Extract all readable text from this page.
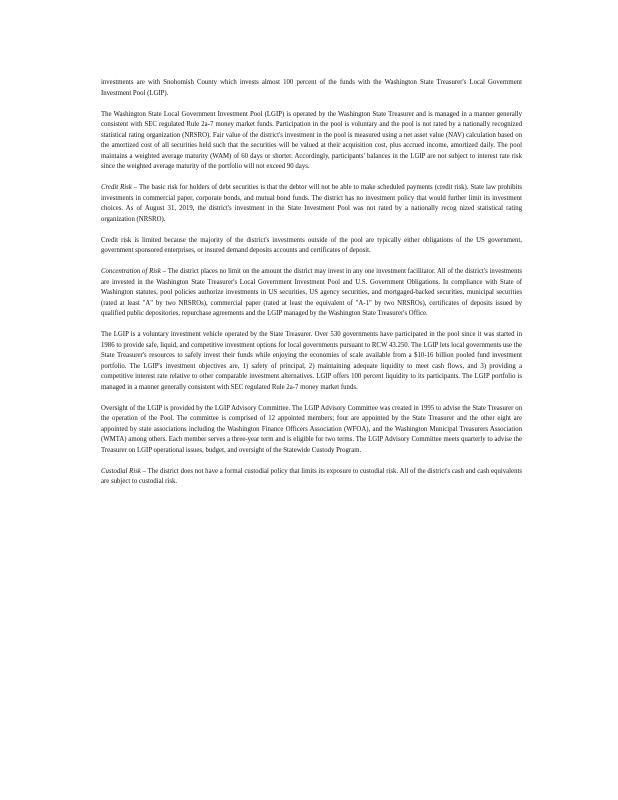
investments are with Snohomish County which invests almost 100 percent of the funds with the Washington State Treasurer's Local Government Investment Pool (LGIP).

The Washington State Local Government Investment Pool (LGIP) is operated by the Washington State Treasurer and is managed in a manner generally consistent with SEC regulated Rule 2a-7 money market funds. Participation in the pool is voluntary and the pool is not rated by a nationally recognized statistical rating organization (NRSRO). Fair value of the district's investment in the pool is measured using a net asset value (NAV) calculation based on the amortized cost of all securities held such that the securities will be valued at their acquisition cost, plus accrued income, amortized daily. The pool maintains a weighted average maturity (WAM) of 60 days or shorter. Accordingly, participants' balances in the LGIP are not subject to interest rate risk since the weighted average maturity of the portfolio will not exceed 90 days.

Credit Risk – The basic risk for holders of debt securities is that the debtor will not be able to make scheduled payments (credit risk). State law prohibits investments in commercial paper, corporate bonds, and mutual bond funds. The district has no investment policy that would further limit its investment choices. As of August 31, 2019, the district's investment in the State Investment Pool was not rated by a nationally recog nized statistical rating organization (NRSRO).

Credit risk is limited because the majority of the district's investments outside of the pool are typically either obligations of the US government, government sponsored enterprises, or insured demand deposits accounts and certificates of deposit.

Concentration of Risk – The district places no limit on the amount the district may invest in any one investment facilitator. All of the district's investments are invested in the Washington State Treasurer's Local Government Investment Pool and U.S. Government Obligations. In compliance with State of Washington statutes, pool policies authorize investments in US securities, US agency securities, and mortgaged-backed securities, municipal securities (rated at least "A" by two NRSROs), commercial paper (rated at least the equivalent of "A-1" by two NRSROs), certificates of deposits issued by qualified public depositories, repurchase agreements and the LGIP managed by the Washington State Treasurer's Office.

The LGIP is a voluntary investment vehicle operated by the State Treasurer. Over 530 governments have participated in the pool since it was started in 1986 to provide safe, liquid, and competitive investment options for local governments pursuant to RCW 43.250. The LGIP lets local governments use the State Treasurer's resources to safely invest their funds while enjoying the economies of scale available from a $10-16 billion pooled fund investment portfolio. The LGIP's investment objectives are, 1) safety of principal, 2) maintaining adequate liquidity to meet cash flows, and 3) providing a competitive interest rate relative to other comparable investment alternatives. LGIP offers 100 percent liquidity to its participants. The LGIP portfolio is managed in a manner generally consistent with SEC regulated Rule 2a-7 money market funds.

Oversight of the LGIP is provided by the LGIP Advisory Committee. The LGIP Advisory Committee was created in 1995 to advise the State Treasurer on the operation of the Pool. The committee is comprised of 12 appointed members; four are appointed by the State Treasurer and the other eight are appointed by state associations including the Washington Finance Officers Association (WFOA), and the Washington Municipal Treasurers Association (WMTA) among others. Each member serves a three-year term and is eligible for two terms. The LGIP Advisory Committee meets quarterly to advise the Treasurer on LGIP operational issues, budget, and oversight of the Statewide Custody Program.

Custodial Risk – The district does not have a formal custodial policy that limits its exposure to custodial risk. All of the district's cash and cash equivalents are subject to custodial risk.
